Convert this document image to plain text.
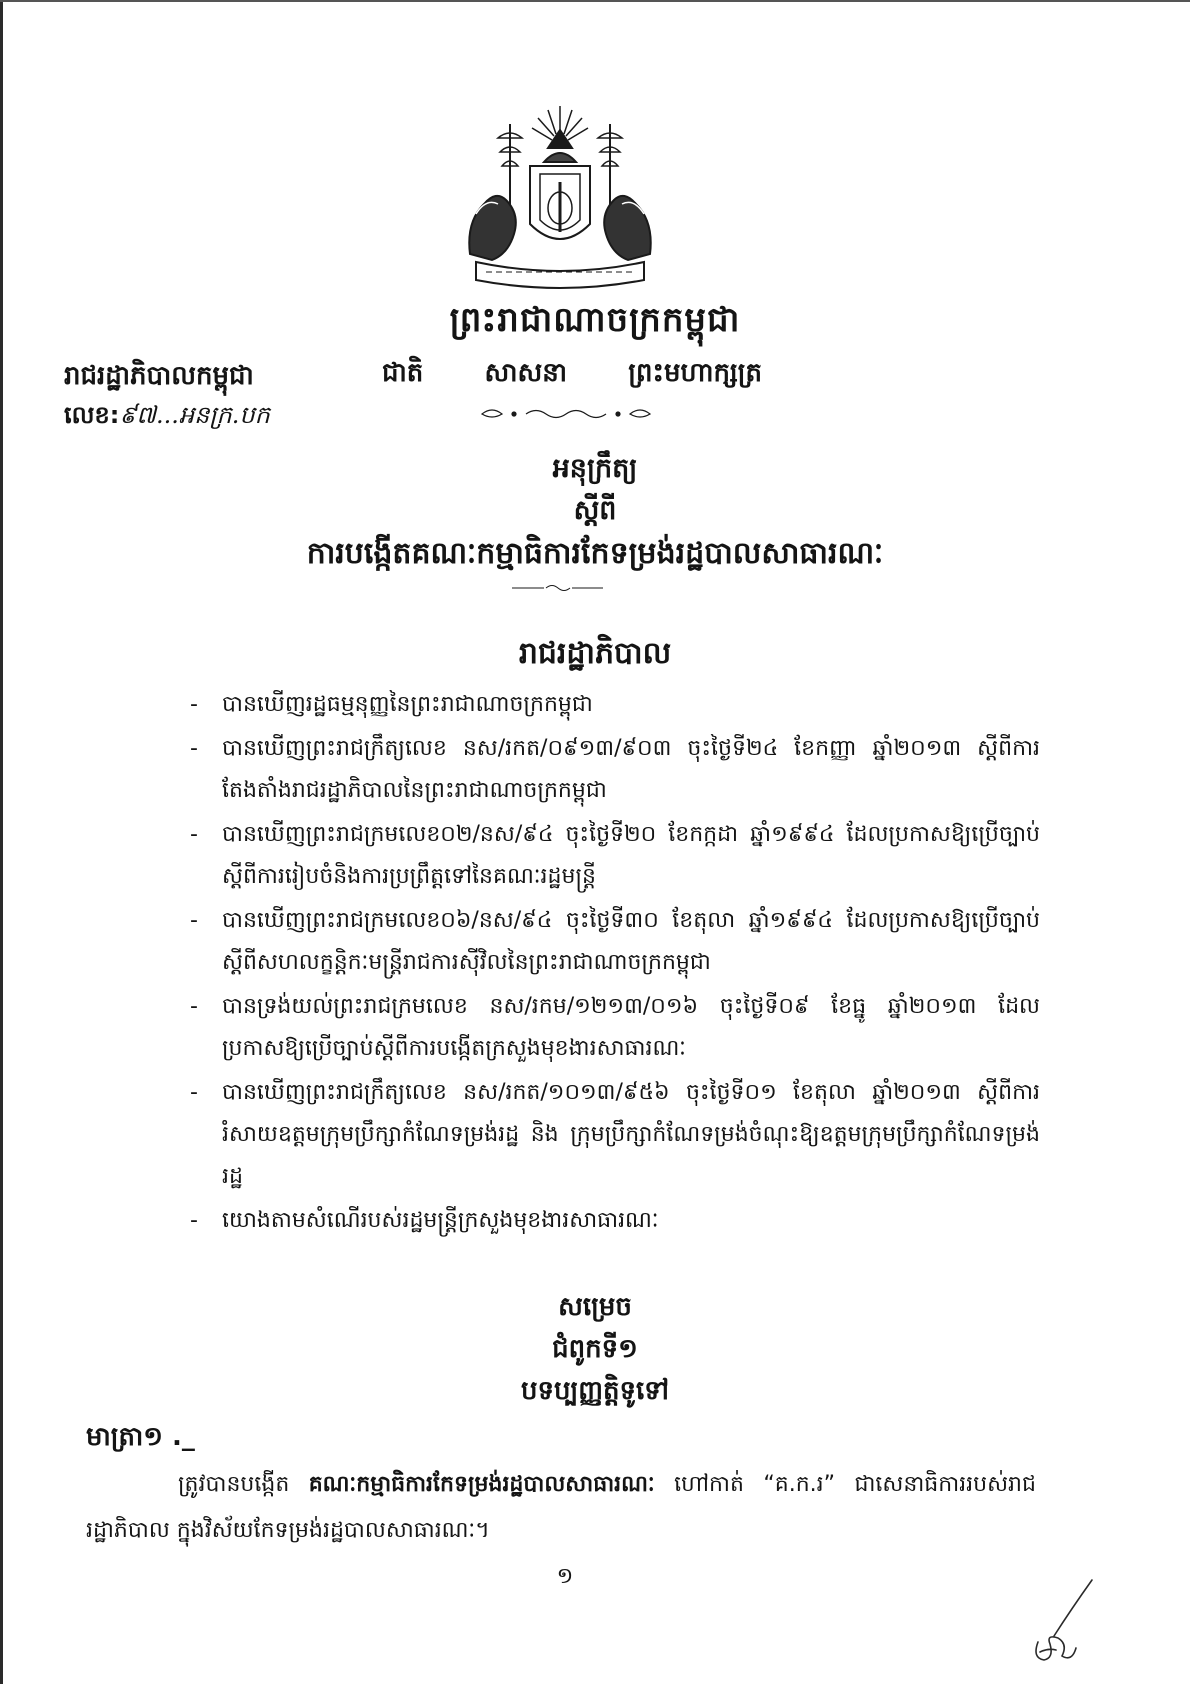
ព្រះរាជាណាចក្រកម្ពុជា
ជាតិ សាសនា ព្រះមហាក្សត្រ
រាជរដ្ឋាភិបាលកម្ពុជា
លេខ:៩៧...អនក្រ.បក
អនុក្រឹត្យ
ស្តីពី
ការបង្កើតគណៈកម្មាធិការកែទម្រង់រដ្ឋបាលសាធារណៈ
រាជរដ្ឋាភិបាល
- បានឃើញរដ្ឋធម្មនុញ្ញនៃព្រះរាជាណាចក្រកម្ពុជា
- បានឃើញព្រះរាជក្រឹត្យលេខ នស/រកត/០៩១៣/៩០៣ ចុះថ្ងៃទី២៤ ខែកញ្ញា ឆ្នាំ២០១៣ ស្តីពីការតែងតាំងរាជរដ្ឋាភិបាលនៃព្រះរាជាណាចក្រកម្ពុជា
- បានឃើញព្រះរាជក្រមលេខ០២/នស/៩៤ ចុះថ្ងៃទី២០ ខែកក្កដា ឆ្នាំ១៩៩៤ ដែលប្រកាសឱ្យប្រើច្បាប់ស្តីពីការរៀបចំនិងការប្រព្រឹត្តទៅនៃគណៈរដ្ឋមន្ត្រី
- បានឃើញព្រះរាជក្រមលេខ០៦/នស/៩៤ ចុះថ្ងៃទី៣០ ខែតុលា ឆ្នាំ១៩៩៤ ដែលប្រកាសឱ្យប្រើច្បាប់ស្តីពីសហលក្ខន្តិកៈមន្ត្រីរាជការស៊ីវិលនៃព្រះរាជាណាចក្រកម្ពុជា
- បានទ្រង់យល់ព្រះរាជក្រមលេខ នស/រកម/១២១៣/០១៦ ចុះថ្ងៃទី០៩ ខែធ្នូ ឆ្នាំ២០១៣ ដែលប្រកាសឱ្យប្រើច្បាប់ស្តីពីការបង្កើតក្រសួងមុខងារសាធារណៈ
- បានឃើញព្រះរាជក្រឹត្យលេខ នស/រកត/១០១៣/៩៥៦ ចុះថ្ងៃទី០១ ខែតុលា ឆ្នាំ២០១៣ ស្តីពីការរំសាយឧត្តមក្រុមប្រឹក្សាកំណែទម្រង់រដ្ឋ និង ក្រុមប្រឹក្សាកំណែទម្រង់ចំណុះឱ្យឧត្តមក្រុមប្រឹក្សាកំណែទម្រង់រដ្ឋ
- យោងតាមសំណើរបស់រដ្ឋមន្ត្រីក្រសួងមុខងារសាធារណៈ
សម្រេច
ជំពូកទី១
បទប្បញ្ញត្តិទូទៅ
មាត្រា១ ._
ត្រូវបានបង្កើត គណៈកម្មាធិការកែទម្រង់រដ្ឋបាលសាធារណៈ ហៅកាត់ “គ.ក.រ” ជាសេនាធិការរបស់រាជរដ្ឋាភិបាល ក្នុងវិស័យកែទម្រង់រដ្ឋបាលសាធារណៈ។
១
